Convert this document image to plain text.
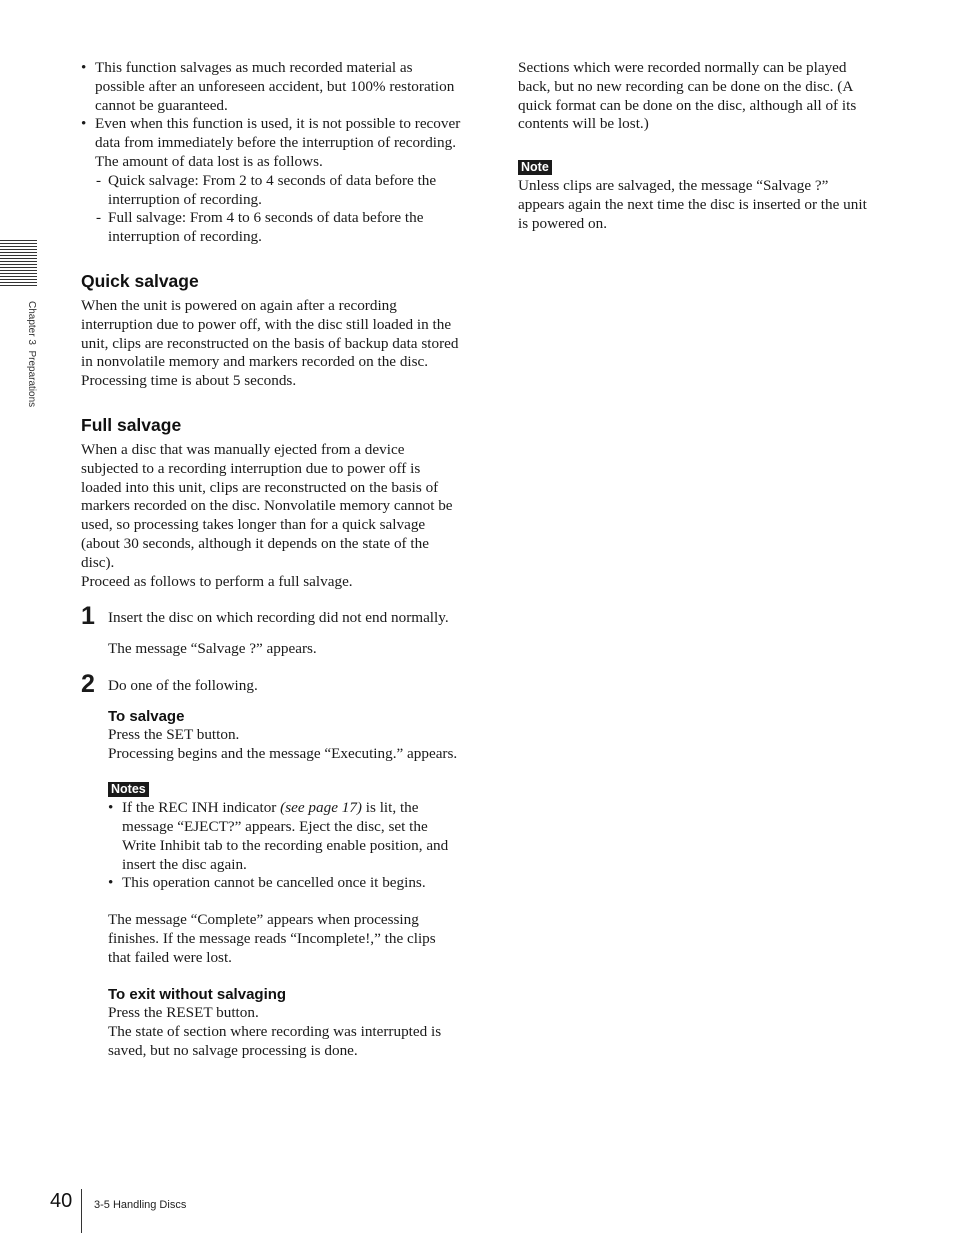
Chapter 3  Preparations
• This function salvages as much recorded material as possible after an unforeseen accident, but 100% restoration cannot be guaranteed.
• Even when this function is used, it is not possible to recover data from immediately before the interruption of recording. The amount of data lost is as follows.
- Quick salvage: From 2 to 4 seconds of data before the interruption of recording.
- Full salvage: From 4 to 6 seconds of data before the interruption of recording.
Quick salvage

When the unit is powered on again after a recording interruption due to power off, with the disc still loaded in the unit, clips are reconstructed on the basis of backup data stored in nonvolatile memory and markers recorded on the disc.

Processing time is about 5 seconds.

Full salvage

When a disc that was manually ejected from a device subjected to a recording interruption due to power off is loaded into this unit, clips are reconstructed on the basis of markers recorded on the disc. Nonvolatile memory cannot be used, so processing takes longer than for a quick salvage (about 30 seconds, although it depends on the state of the disc).

Proceed as follows to perform a full salvage.

1 Insert the disc on which recording did not end normally.

The message “Salvage ?” appears.

2 Do one of the following.

To salvage

Press the SET button.

Processing begins and the message “Executing.” appears.

Notes
• If the REC INH indicator (see page 17) is lit, the message “EJECT?” appears. Eject the disc, set the Write Inhibit tab to the recording enable position, and insert the disc again.
• This operation cannot be cancelled once it begins.

The message “Complete” appears when processing finishes. If the message reads “Incomplete!,” the clips that failed were lost.

To exit without salvaging

Press the RESET button.

The state of section where recording was interrupted is saved, but no salvage processing is done.

Sections which were recorded normally can be played back, but no new recording can be done on the disc. (A quick format can be done on the disc, although all of its contents will be lost.)

Note

Unless clips are salvaged, the message “Salvage ?” appears again the next time the disc is inserted or the unit is powered on.

40 3-5 Handling Discs
